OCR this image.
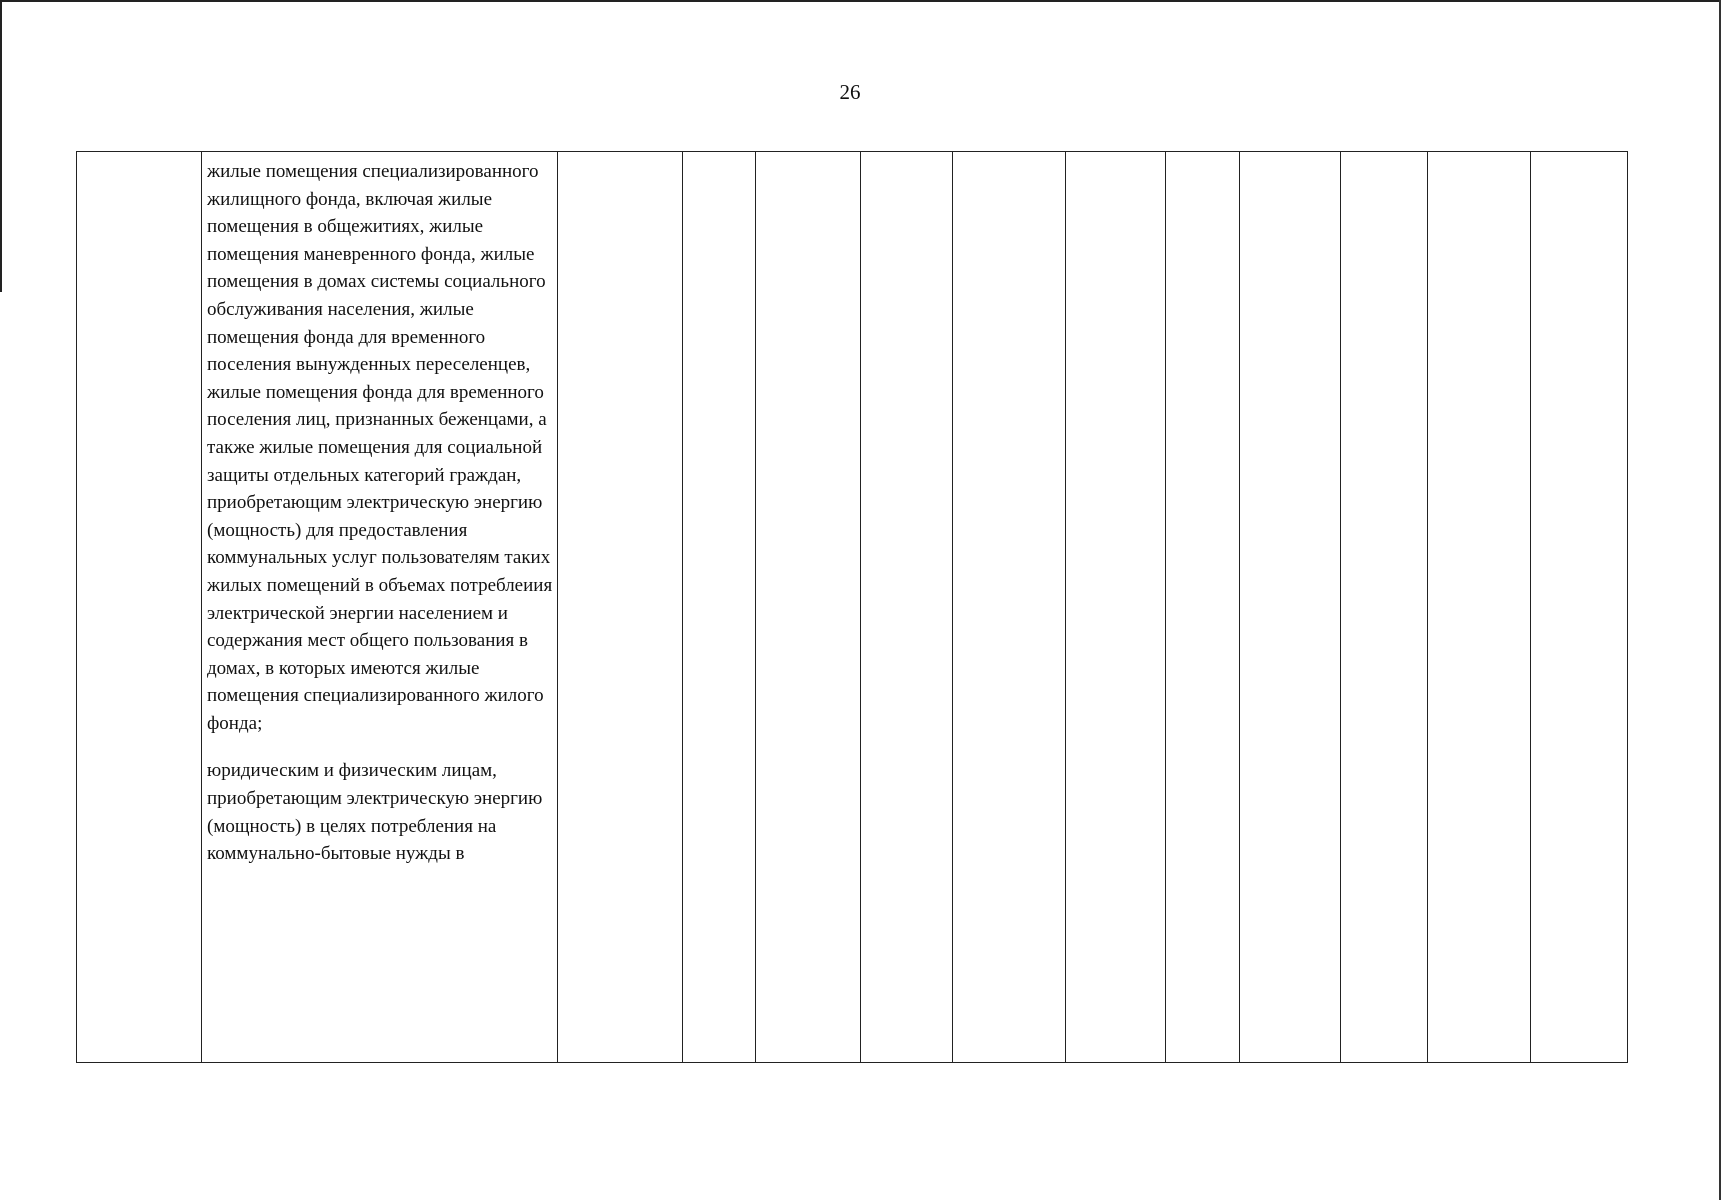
26
жилые помещения специализированного жилищного фонда, включая жилые помещения в общежитиях, жилые помещения маневренного фонда, жилые помещения в домах системы социального обслуживания населения, жилые помещения фонда для временного поселения вынужденных переселенцев, жилые помещения фонда для временного поселения лиц, признанных беженцами, а также жилые помещения для социальной защиты отдельных категорий граждан, приобретающим электрическую энергию (мощность) для предоставления коммунальных услуг пользователям таких жилых помещений в объемах потреблеиия электрической энергии населением и содержания мест общего пользования в домах, в которых имеются жилые помещения специализированного жилого фонда;
юридическим и физическим лицам, приобретающим электрическую энергию (мощность) в целях потребления на коммунально-бытовые нужды в
